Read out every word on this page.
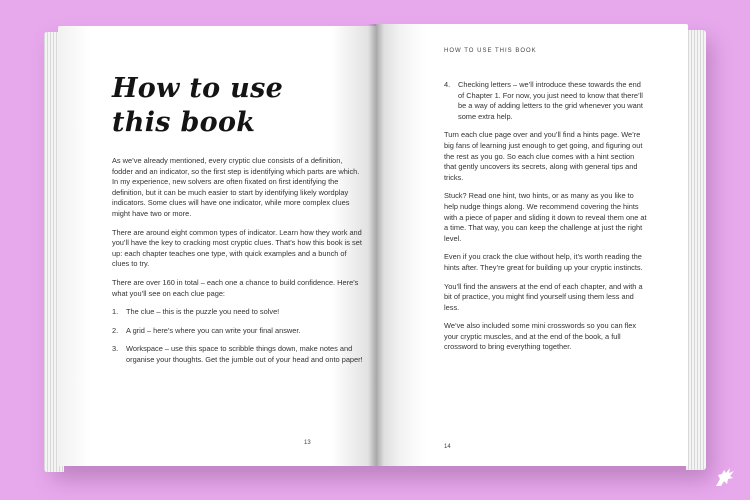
How to use
this book

As we’ve already mentioned, every cryptic clue consists of a definition, fodder and an indicator, so the first step is identifying which parts are which. In my experience, new solvers are often fixated on first identifying the definition, but it can be much easier to start by identifying likely wordplay indicators. Some clues will have one indicator, while more complex clues might have two or more.

There are around eight common types of indicator. Learn how they work and you’ll have the key to cracking most cryptic clues. That’s how this book is set up: each chapter teaches one type, with quick examples and a bunch of clues to try.

There are over 160 in total – each one a chance to build confidence. Here’s what you’ll see on each clue page:

1. The clue – this is the puzzle you need to solve!
2. A grid – here’s where you can write your final answer.
3. Workspace – use this space to scribble things down, make notes and organise your thoughts. Get the jumble out of your head and onto paper!
13
HOW TO USE THIS BOOK
4. Checking letters – we’ll introduce these towards the end of Chapter 1. For now, you just need to know that there’ll be a way of adding letters to the grid whenever you want some extra help.

Turn each clue page over and you’ll find a hints page. We’re big fans of learning just enough to get going, and figuring out the rest as you go. So each clue comes with a hint section that gently uncovers its secrets, along with general tips and tricks.

Stuck? Read one hint, two hints, or as many as you like to help nudge things along. We recommend covering the hints with a piece of paper and sliding it down to reveal them one at a time. That way, you can keep the challenge at just the right level.

Even if you crack the clue without help, it’s worth reading the hints after. They’re great for building up your cryptic instincts.

You’ll find the answers at the end of each chapter, and with a bit of practice, you might find yourself using them less and less.

We’ve also included some mini crosswords so you can flex your cryptic muscles, and at the end of the book, a full crossword to bring everything together.

14
